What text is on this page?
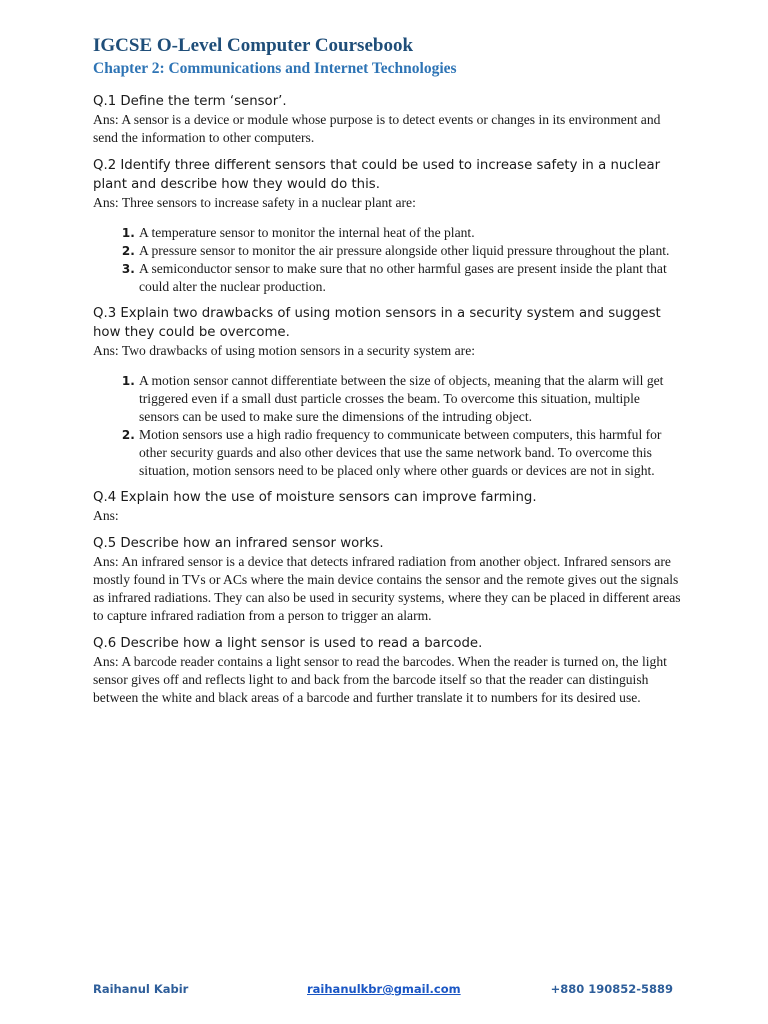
IGCSE O-Level Computer Coursebook
Chapter 2: Communications and Internet Technologies

Q.1 Define the term ‘sensor’.

Ans: A sensor is a device or module whose purpose is to detect events or changes in its environment and send the information to other computers.

Q.2 Identify three different sensors that could be used to increase safety in a nuclear plant and describe how they would do this.

Ans: Three sensors to increase safety in a nuclear plant are:

1. A temperature sensor to monitor the internal heat of the plant.
2. A pressure sensor to monitor the air pressure alongside other liquid pressure throughout the plant.
3. A semiconductor sensor to make sure that no other harmful gases are present inside the plant that could alter the nuclear production.

Q.3 Explain two drawbacks of using motion sensors in a security system and suggest how they could be overcome.

Ans: Two drawbacks of using motion sensors in a security system are:

1. A motion sensor cannot differentiate between the size of objects, meaning that the alarm will get triggered even if a small dust particle crosses the beam. To overcome this situation, multiple sensors can be used to make sure the dimensions of the intruding object.
2. Motion sensors use a high radio frequency to communicate between computers, this harmful for other security guards and also other devices that use the same network band. To overcome this situation, motion sensors need to be placed only where other guards or devices are not in sight.

Q.4 Explain how the use of moisture sensors can improve farming.

Ans:

Q.5 Describe how an infrared sensor works.

Ans: An infrared sensor is a device that detects infrared radiation from another object. Infrared sensors are mostly found in TVs or ACs where the main device contains the sensor and the remote gives out the signals as infrared radiations. They can also be used in security systems, where they can be placed in different areas to capture infrared radiation from a person to trigger an alarm.

Q.6 Describe how a light sensor is used to read a barcode.

Ans: A barcode reader contains a light sensor to read the barcodes. When the reader is turned on, the light sensor gives off and reflects light to and back from the barcode itself so that the reader can distinguish between the white and black areas of a barcode and further translate it to numbers for its desired use.

Raihanul Kabir	raihanulkbr@gmail.com	+880 190852-5889
